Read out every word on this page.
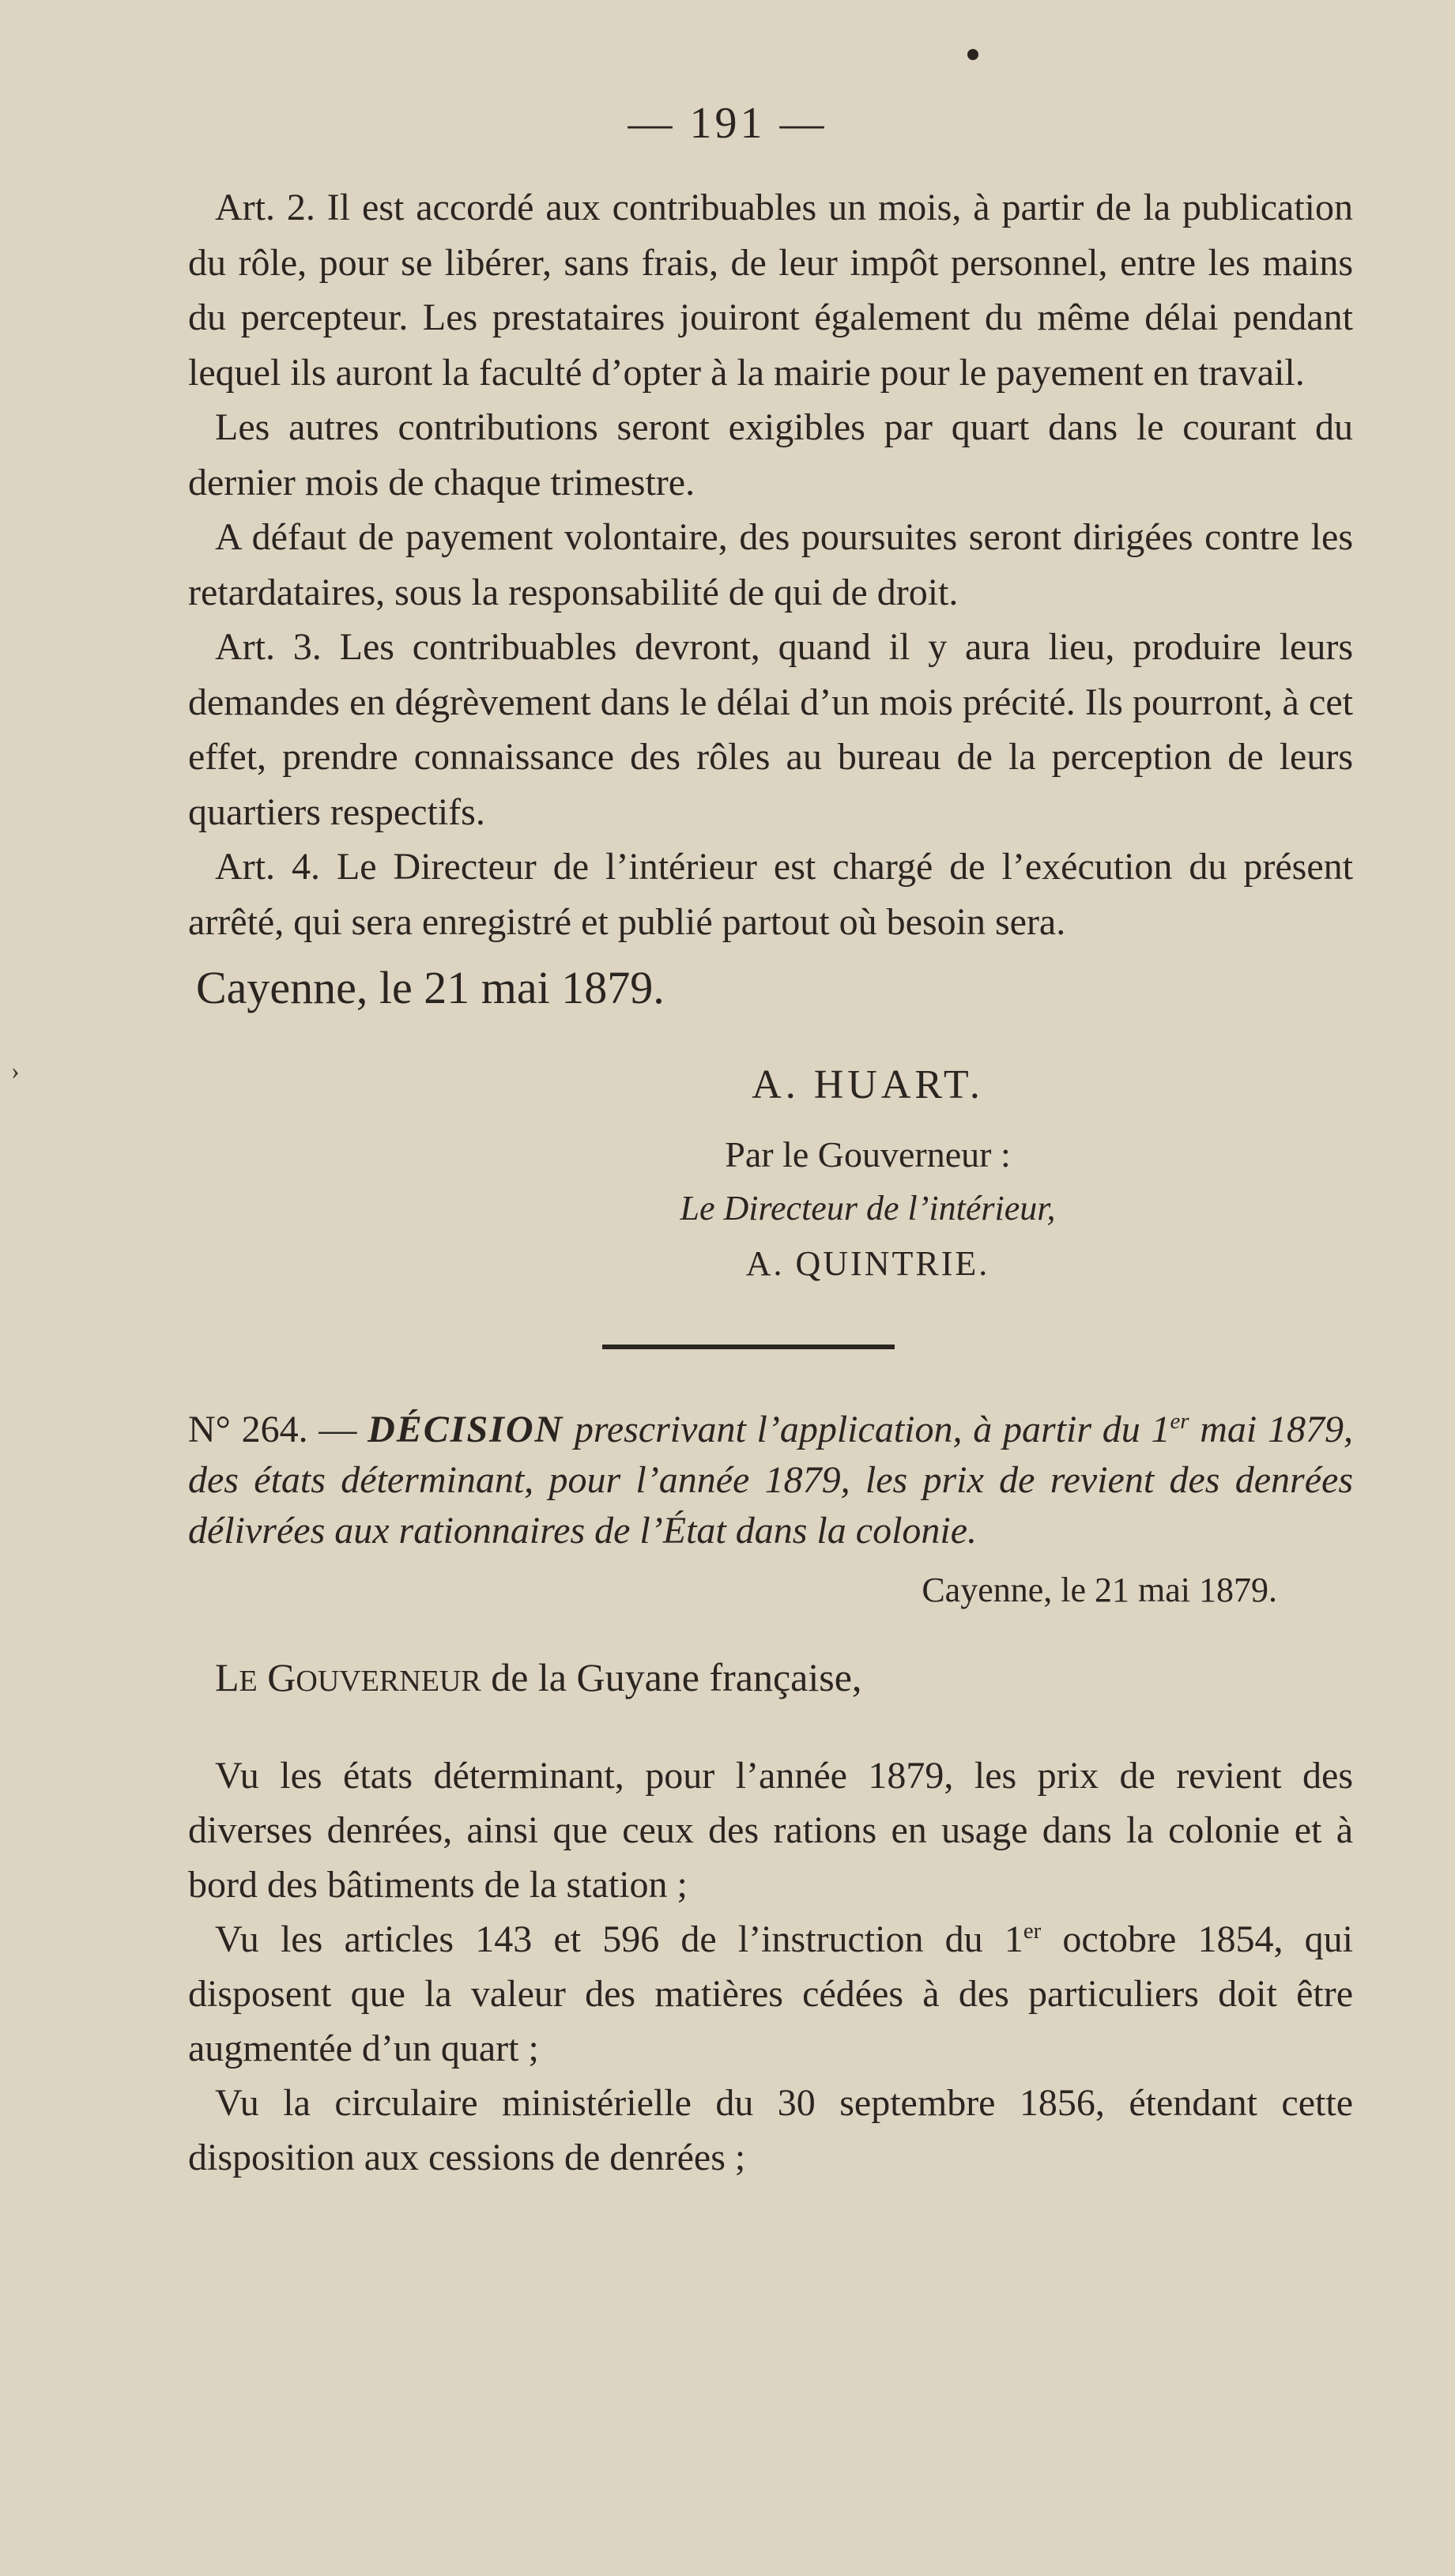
›
— 191 —

Art. 2. Il est accordé aux contribuables un mois, à partir de la publication du rôle, pour se libérer, sans frais, de leur impôt personnel, entre les mains du percepteur. Les prestataires jouiront également du même délai pendant lequel ils auront la faculté d’opter à la mairie pour le payement en travail.

Les autres contributions seront exigibles par quart dans le courant du dernier mois de chaque trimestre.

A défaut de payement volontaire, des poursuites seront dirigées contre les retardataires, sous la responsabilité de qui de droit.

Art. 3. Les contribuables devront, quand il y aura lieu, produire leurs demandes en dégrèvement dans le délai d’un mois précité. Ils pourront, à cet effet, prendre connaissance des rôles au bureau de la perception de leurs quartiers respectifs.

Art. 4. Le Directeur de l’intérieur est chargé de l’exécution du présent arrêté, qui sera enregistré et publié partout où besoin sera.

Cayenne, le 21 mai 1879.

A. HUART.
Par le Gouverneur :
Le Directeur de l’intérieur,
A. QUINTRIE.
N° 264. — DÉCISION prescrivant l’application, à partir du 1er mai 1879, des états déterminant, pour l’année 1879, les prix de revient des denrées délivrées aux rationnaires de l’État dans la colonie.
Cayenne, le 21 mai 1879.

LE GOUVERNEUR de la Guyane française,

Vu les états déterminant, pour l’année 1879, les prix de revient des diverses denrées, ainsi que ceux des rations en usage dans la colonie et à bord des bâtiments de la station ;

Vu les articles 143 et 596 de l’instruction du 1er octobre 1854, qui disposent que la valeur des matières cédées à des particuliers doit être augmentée d’un quart ;

Vu la circulaire ministérielle du 30 septembre 1856, étendant cette disposition aux cessions de denrées ;
